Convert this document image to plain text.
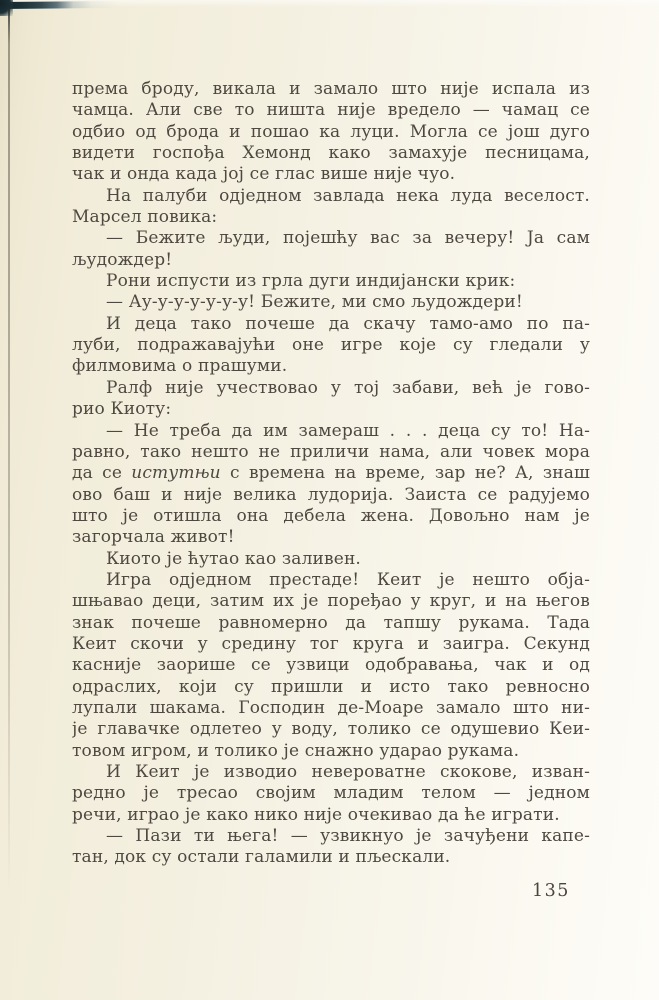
према броду, викала и замало што није испала из
чамца. Али све то ништа није вредело — чамац се
одбио од брода и пошао ка луци. Могла се још дуго
видети госпођа Хемонд како замахује песницама,
чак и онда када јој се глас више није чуо.
На палуби одједном завлада нека луда веселост.
Марсел повика:
— Бежите људи, појешћу вас за вечеру! Ја сам
људождер!
Рони испусти из грла дуги индијански крик:
— Ау-у-у-у-у-у-у! Бежите, ми смо људождери!
И деца тако почеше да скачу тамо-амо по па-
луби, подражавајући оне игре које су гледали у
филмовима о прашуми.
Ралф није учествовао у тој забави, већ је гово-
рио Киоту:
— Не треба да им замераш . . . деца су то! На-
равно, тако нешто не приличи нама, али човек мора
да се истутњи с времена на време, зар не? А, знаш
ово баш и није велика лудорија. Заиста се радујемо
што је отишла она дебела жена. Довољно нам је
загорчала живот!
Киото је ћутао као заливен.
Игра одједном престаде! Кеит је нешто обја-
шњавао деци, затим их је поређао у круг, и на његов
знак почеше равномерно да тапшу рукама. Тада
Кеит скочи у средину тог круга и заигра. Секунд
касније заорише се узвици одобравања, чак и од
одраслих, који су пришли и исто тако ревносно
лупали шакама. Господин де-Моаре замало што ни-
је главачке одлетео у воду, толико се одушевио Кеи-
товом игром, и толико је снажно ударао рукама.
И Кеит је изводио невероватне скокове, изван-
редно је тресао својим младим телом — једном
речи, играо је како нико није очекивао да ће играти.
— Пази ти њега! — узвикнуо је зачуђени капе-
тан, док су остали галамили и пљескали.
135
